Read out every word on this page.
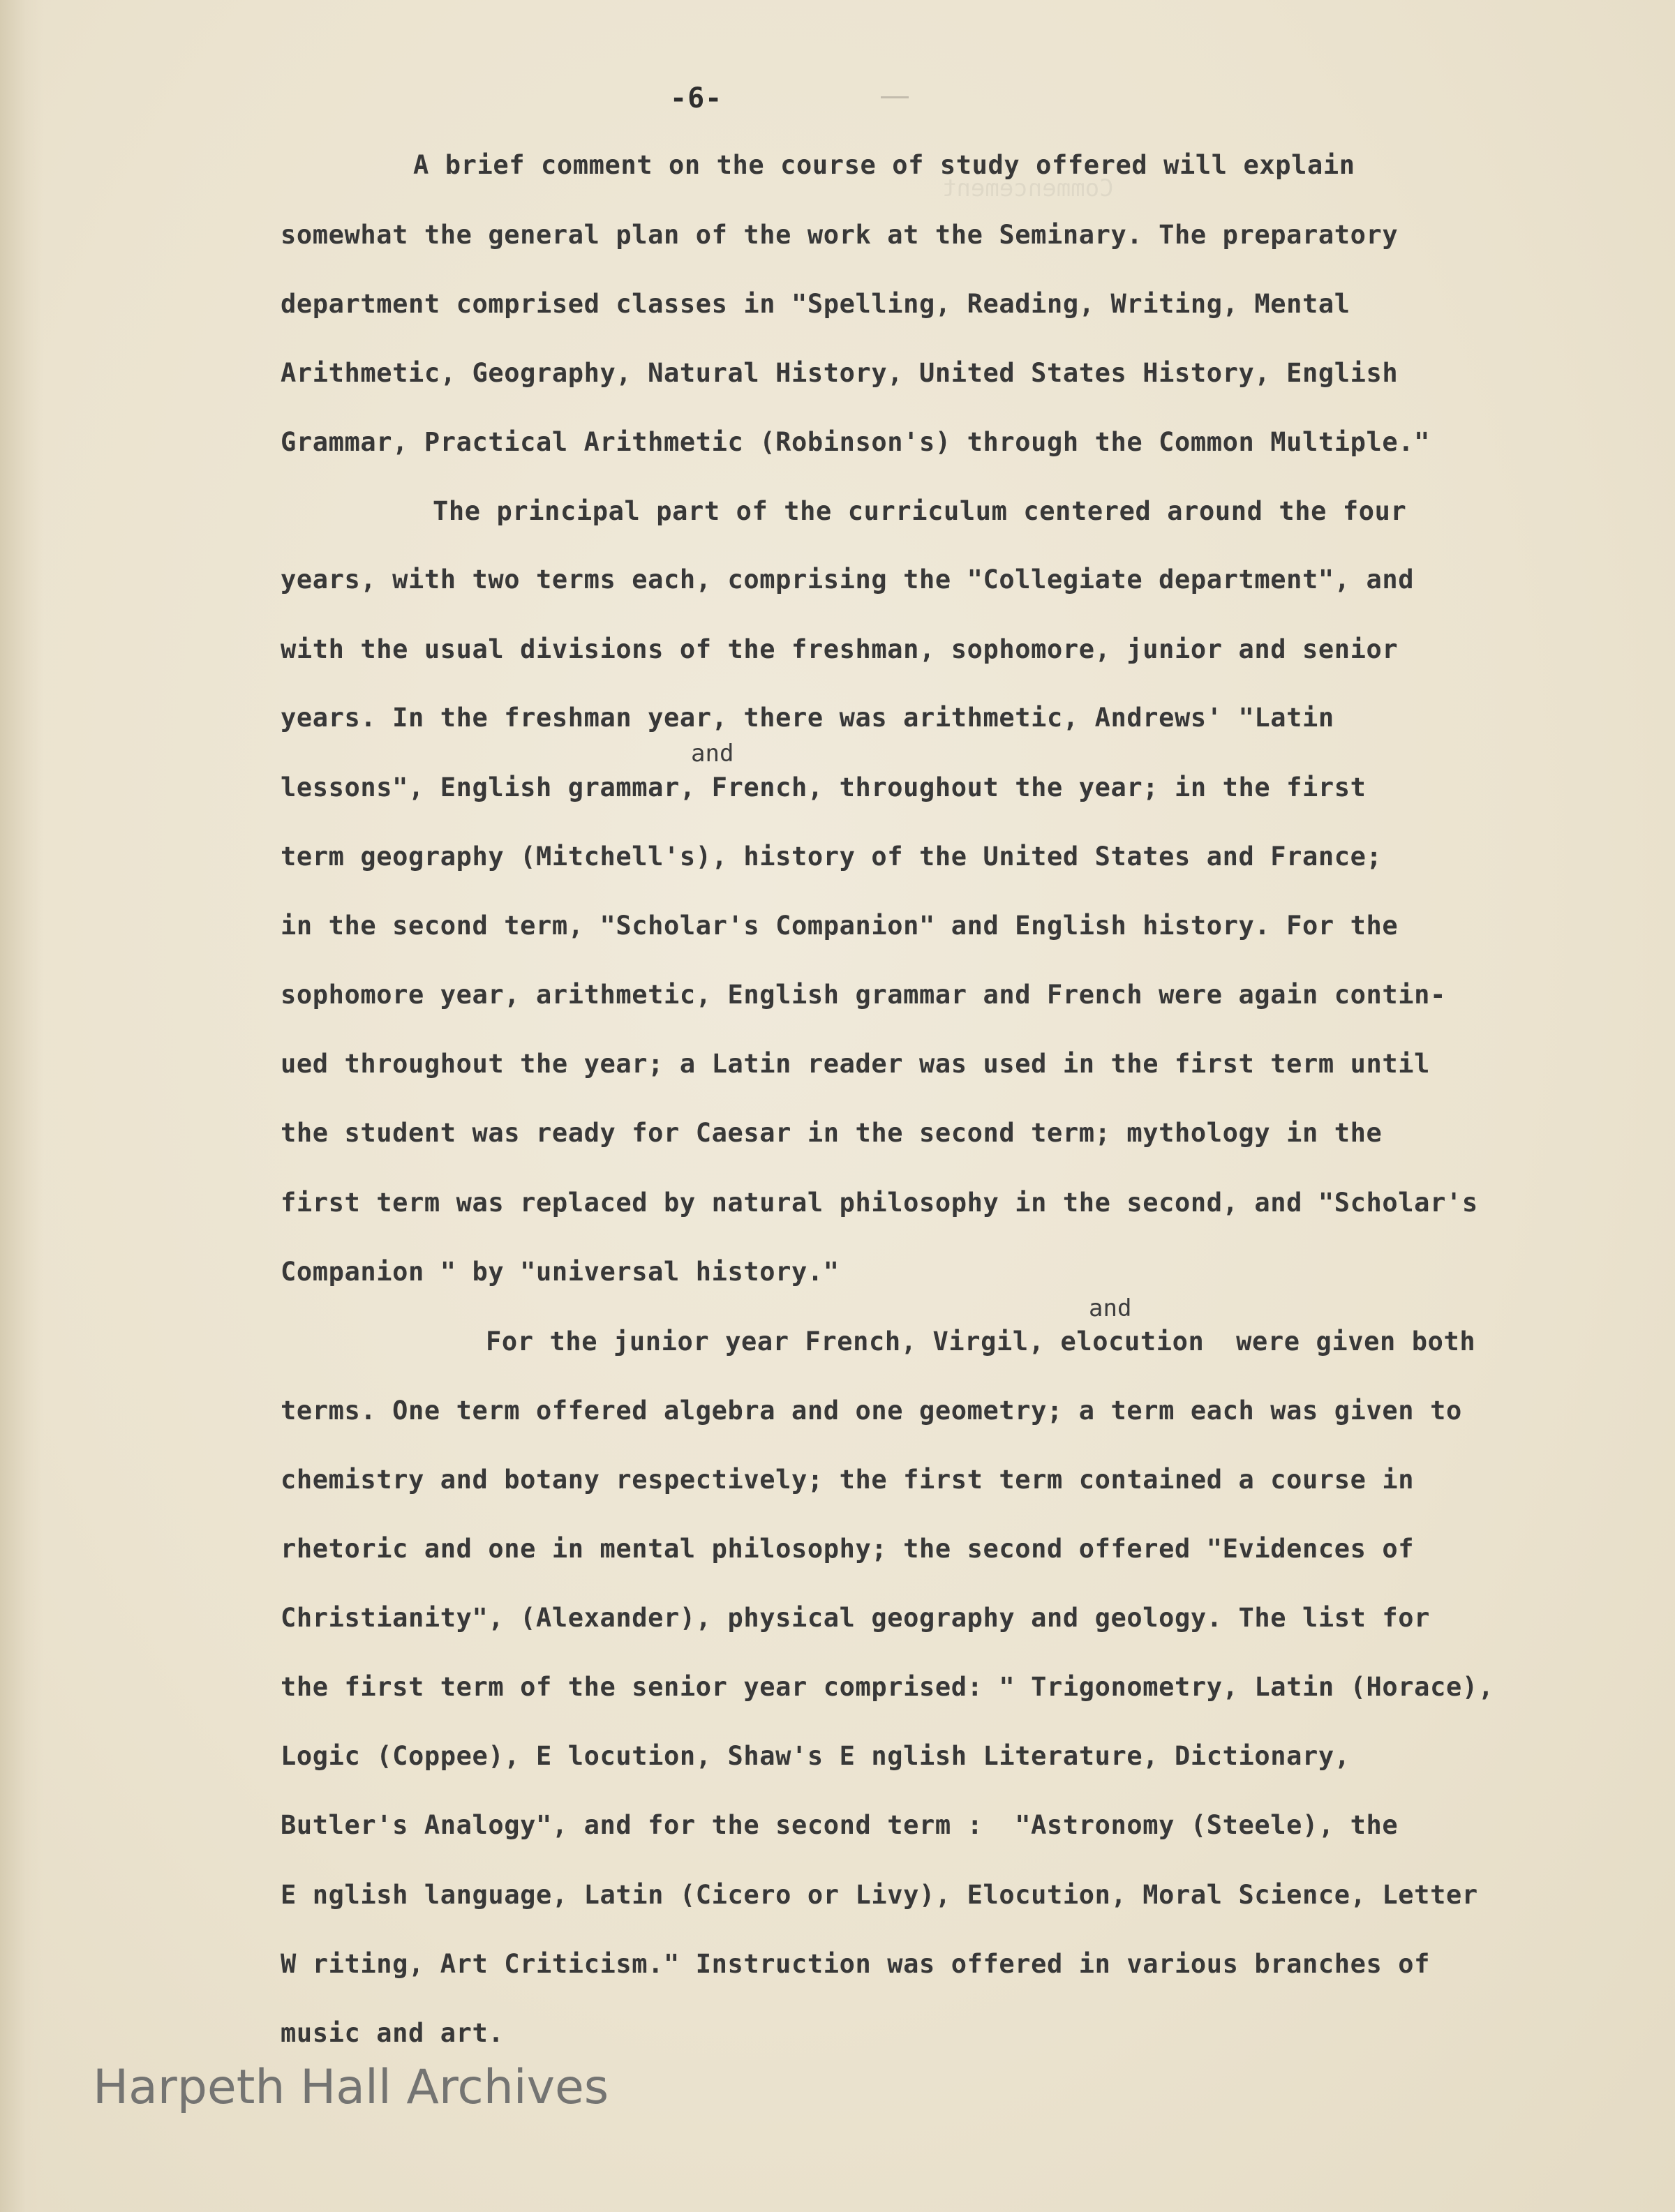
Commencement
-6-
A brief comment on the course of study offered will explain
somewhat the general plan of the work at the Seminary. The preparatory
department comprised classes in "Spelling, Reading, Writing, Mental
Arithmetic, Geography, Natural History, United States History, English
Grammar, Practical Arithmetic (Robinson's) through the Common Multiple."
The principal part of the curriculum centered around the four
years, with two terms each, comprising the "Collegiate department", and
with the usual divisions of the freshman, sophomore, junior and senior
years. In the freshman year, there was arithmetic, Andrews' "Latin
and
lessons", English grammar, French, throughout the year; in the first
term geography (Mitchell's), history of the United States and France;
in the second term, "Scholar's Companion" and English history. For the
sophomore year, arithmetic, English grammar and French were again contin-
ued throughout the year; a Latin reader was used in the first term until
the student was ready for Caesar in the second term; mythology in the
first term was replaced by natural philosophy in the second, and "Scholar's
Companion " by "universal history."
and
For the junior year French, Virgil, elocution  were given both
terms. One term offered algebra and one geometry; a term each was given to
chemistry and botany respectively; the first term contained a course in
rhetoric and one in mental philosophy; the second offered "Evidences of
Christianity", (Alexander), physical geography and geology. The list for
the first term of the senior year comprised: " Trigonometry, Latin (Horace),
Logic (Coppee), E locution, Shaw's E nglish Literature, Dictionary,
Butler's Analogy", and for the second term :  "Astronomy (Steele), the
E nglish language, Latin (Cicero or Livy), Elocution, Moral Science, Letter
W riting, Art Criticism." Instruction was offered in various branches of
music and art.
Harpeth Hall Archives
